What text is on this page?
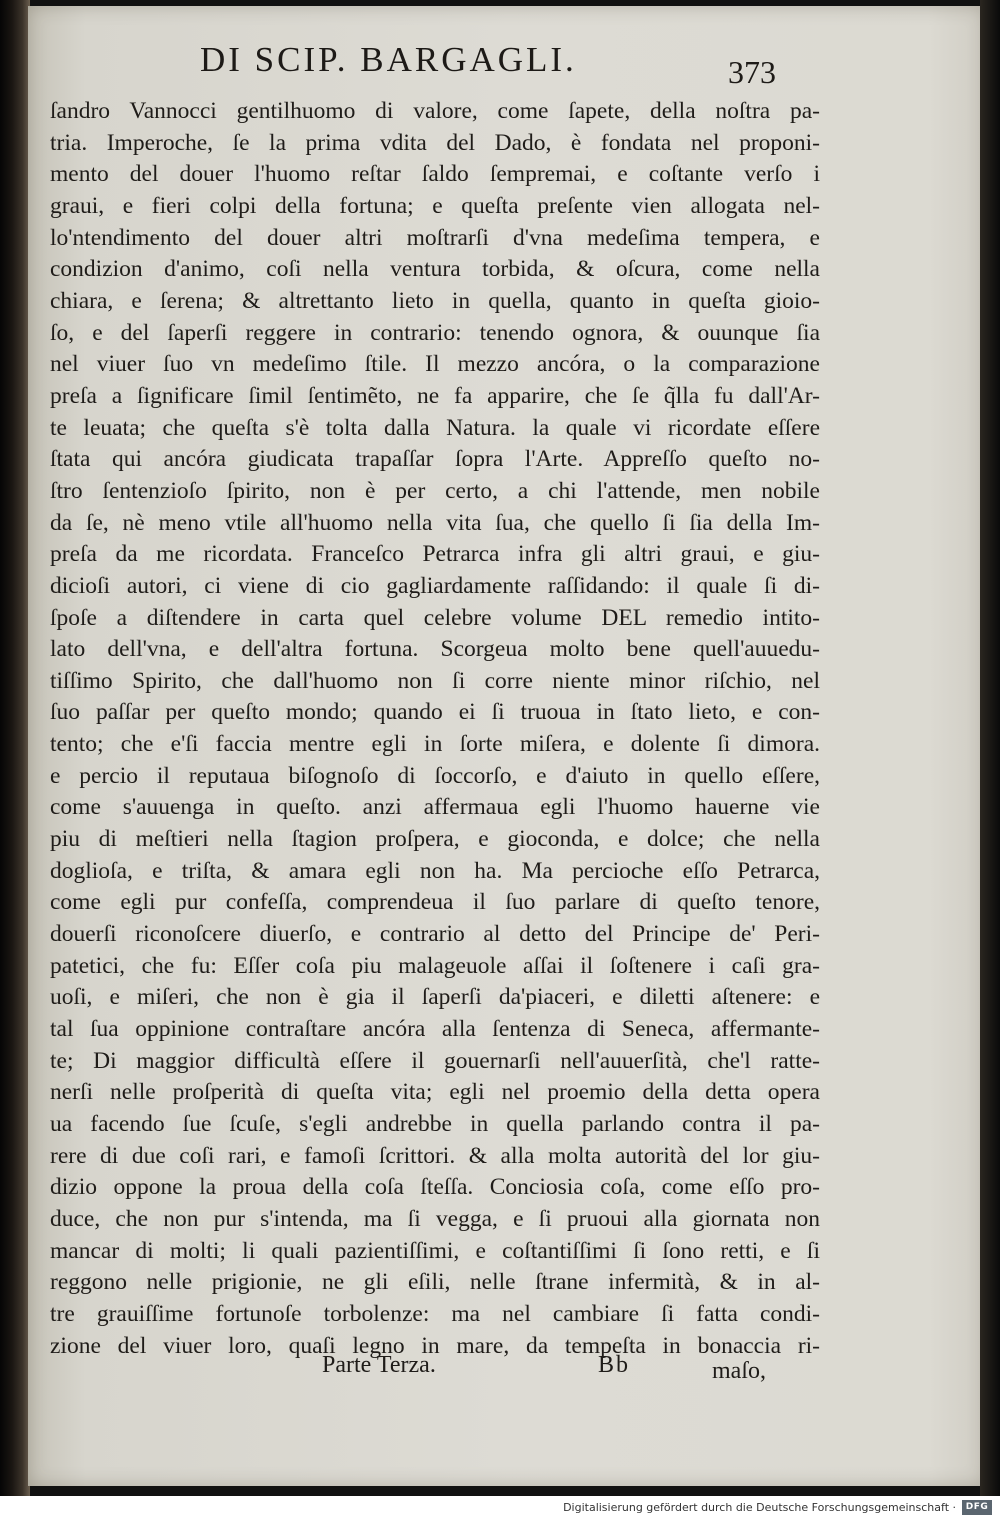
DI SCIP. BARGAGLI.	373
ſandro Vannocci gentilhuomo di valore, come ſapete, della noſtra pa-
tria. Imperoche, ſe la prima vdita del Dado, è fondata nel proponi-
mento del douer l'huomo reſtar ſaldo ſempremai, e coſtante verſo i
graui, e fieri colpi della fortuna; e queſta preſente vien allogata nel-
lo'ntendimento del douer altri moſtrarſi d'vna medeſima tempera, e
condizion d'animo, coſi nella ventura torbida, & oſcura, come nella
chiara, e ſerena; & altrettanto lieto in quella, quanto in queſta gioio-
ſo, e del ſaperſi reggere in contrario: tenendo ognora, & ouunque ſia
nel viuer ſuo vn medeſimo ſtile. Il mezzo ancóra, o la comparazione
preſa a ſignificare ſimil ſentimẽto, ne fa apparire, che ſe q̃lla fu dall'Ar-
te leuata; che queſta s'è tolta dalla Natura. la quale vi ricordate eſſere
ſtata qui ancóra giudicata trapaſſar ſopra l'Arte. Appreſſo queſto no-
ſtro ſentenzioſo ſpirito, non è per certo, a chi l'attende, men nobile
da ſe, nè meno vtile all'huomo nella vita ſua, che quello ſi ſia della Im-
preſa da me ricordata. Franceſco Petrarca infra gli altri graui, e giu-
dicioſi autori, ci viene di cio gagliardamente raſſidando: il quale ſi di-
ſpoſe a diſtendere in carta quel celebre volume DEL remedio intito-
lato dell'vna, e dell'altra fortuna. Scorgeua molto bene quell'auuedu-
tiſſimo Spirito, che dall'huomo non ſi corre niente minor riſchio, nel
ſuo paſſar per queſto mondo; quando ei ſi truoua in ſtato lieto, e con-
tento; che e'ſi faccia mentre egli in ſorte miſera, e dolente ſi dimora.
e percio il reputaua biſognoſo di ſoccorſo, e d'aiuto in quello eſſere,
come s'auuenga in queſto. anzi affermaua egli l'huomo hauerne vie
piu di meſtieri nella ſtagion proſpera, e gioconda, e dolce; che nella
doglioſa, e triſta, & amara egli non ha. Ma percioche eſſo Petrarca,
come egli pur confeſſa, comprendeua il ſuo parlare di queſto tenore,
douerſi riconoſcere diuerſo, e contrario al detto del Principe de' Peri-
patetici, che fu: Eſſer coſa piu malageuole aſſai il ſoſtenere i caſi gra-
uoſi, e miſeri, che non è gia il ſaperſi da'piaceri, e diletti aſtenere: e
tal ſua oppinione contraſtare ancóra alla ſentenza di Seneca, affermante-
te; Di maggior difficultà eſſere il gouernarſi nell'auuerſità, che'l ratte-
nerſi nelle proſperità di queſta vita; egli nel proemio della detta opera
ua facendo ſue ſcuſe, s'egli andrebbe in quella parlando contra il pa-
rere di due coſi rari, e famoſi ſcrittori. & alla molta autorità del lor giu-
dizio oppone la proua della coſa ſteſſa. Conciosia coſa, come eſſo pro-
duce, che non pur s'intenda, ma ſi vegga, e ſi pruoui alla giornata non
mancar di molti; li quali pazientiſſimi, e coſtantiſſimi ſi ſono retti, e ſi
reggono nelle prigionie, ne gli eſili, nelle ſtrane infermità, & in al-
tre grauiſſime fortunoſe torbolenze: ma nel cambiare ſi fatta condi-
zione del viuer loro, quaſi legno in mare, da tempeſta in bonaccia ri-
Parte Terza.	Bb	maſo,
Digitalisierung gefördert durch die Deutsche Forschungsgemeinschaft ·	DFG
